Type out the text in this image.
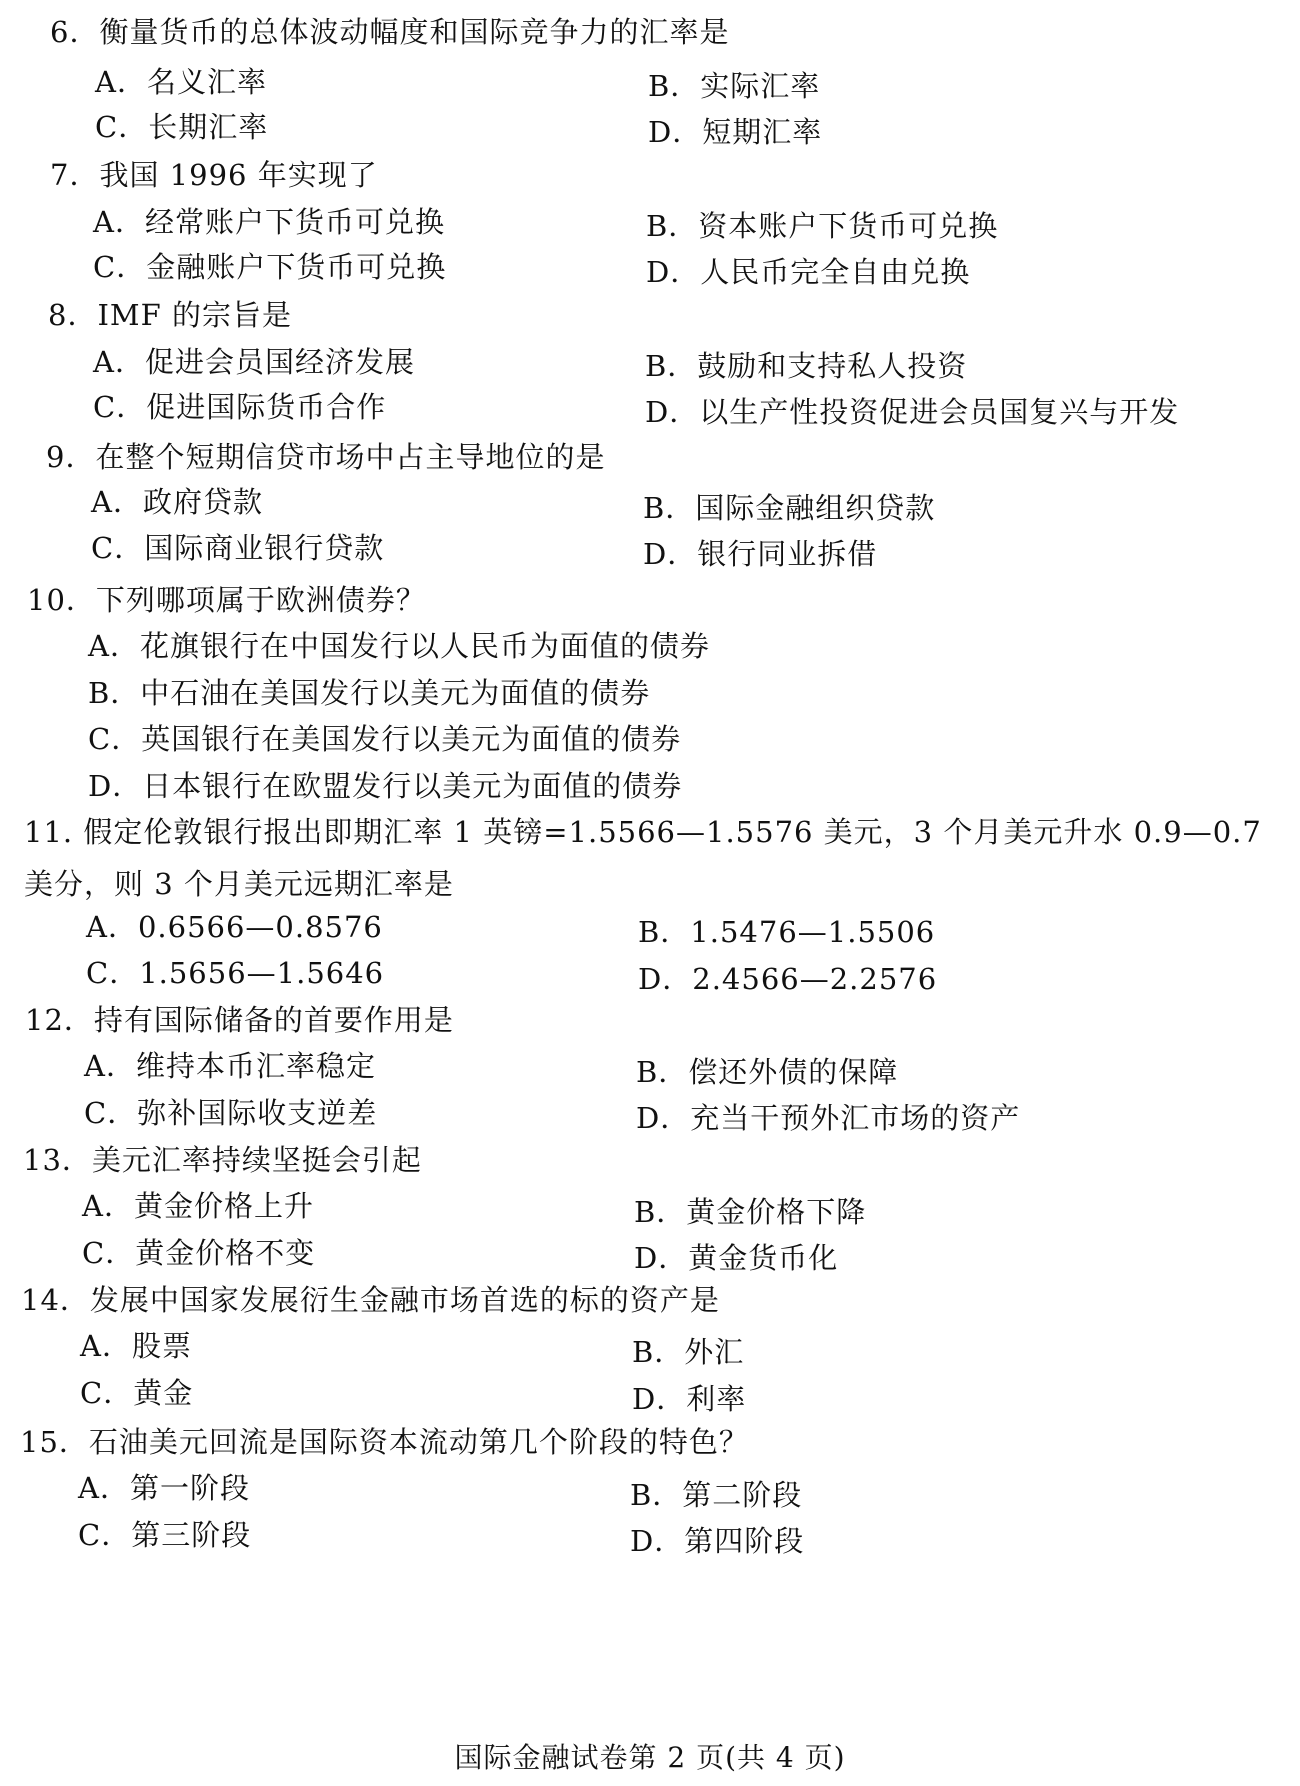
6．衡量货币的总体波动幅度和国际竞争力的汇率是
A．名义汇率	B．实际汇率
C．长期汇率	D．短期汇率
7．我国 1996 年实现了
A．经常账户下货币可兑换	B．资本账户下货币可兑换
C．金融账户下货币可兑换	D．人民币完全自由兑换
8．IMF 的宗旨是
A．促进会员国经济发展	B．鼓励和支持私人投资
C．促进国际货币合作	D．以生产性投资促进会员国复兴与开发
9．在整个短期信贷市场中占主导地位的是
A．政府贷款	B．国际金融组织贷款
C．国际商业银行贷款	D．银行同业拆借
10．下列哪项属于欧洲债券？
A．花旗银行在中国发行以人民币为面值的债券
B．中石油在美国发行以美元为面值的债券
C．英国银行在美国发行以美元为面值的债券
D．日本银行在欧盟发行以美元为面值的债券
11. 假定伦敦银行报出即期汇率 1 英镑=1.5566—1.5576 美元，3 个月美元升水 0.9—0.7 美分，则 3 个月美元远期汇率是
A．0.6566—0.8576	B．1.5476—1.5506
C．1.5656—1.5646	D．2.4566—2.2576
12．持有国际储备的首要作用是
A．维持本币汇率稳定	B．偿还外债的保障
C．弥补国际收支逆差	D．充当干预外汇市场的资产
13．美元汇率持续坚挺会引起
A．黄金价格上升	B．黄金价格下降
C．黄金价格不变	D．黄金货币化
14．发展中国家发展衍生金融市场首选的标的资产是
A．股票	B．外汇
C．黄金	D．利率
15．石油美元回流是国际资本流动第几个阶段的特色？
A．第一阶段	B．第二阶段
C．第三阶段	D．第四阶段
国际金融试卷第 2 页(共 4 页)
